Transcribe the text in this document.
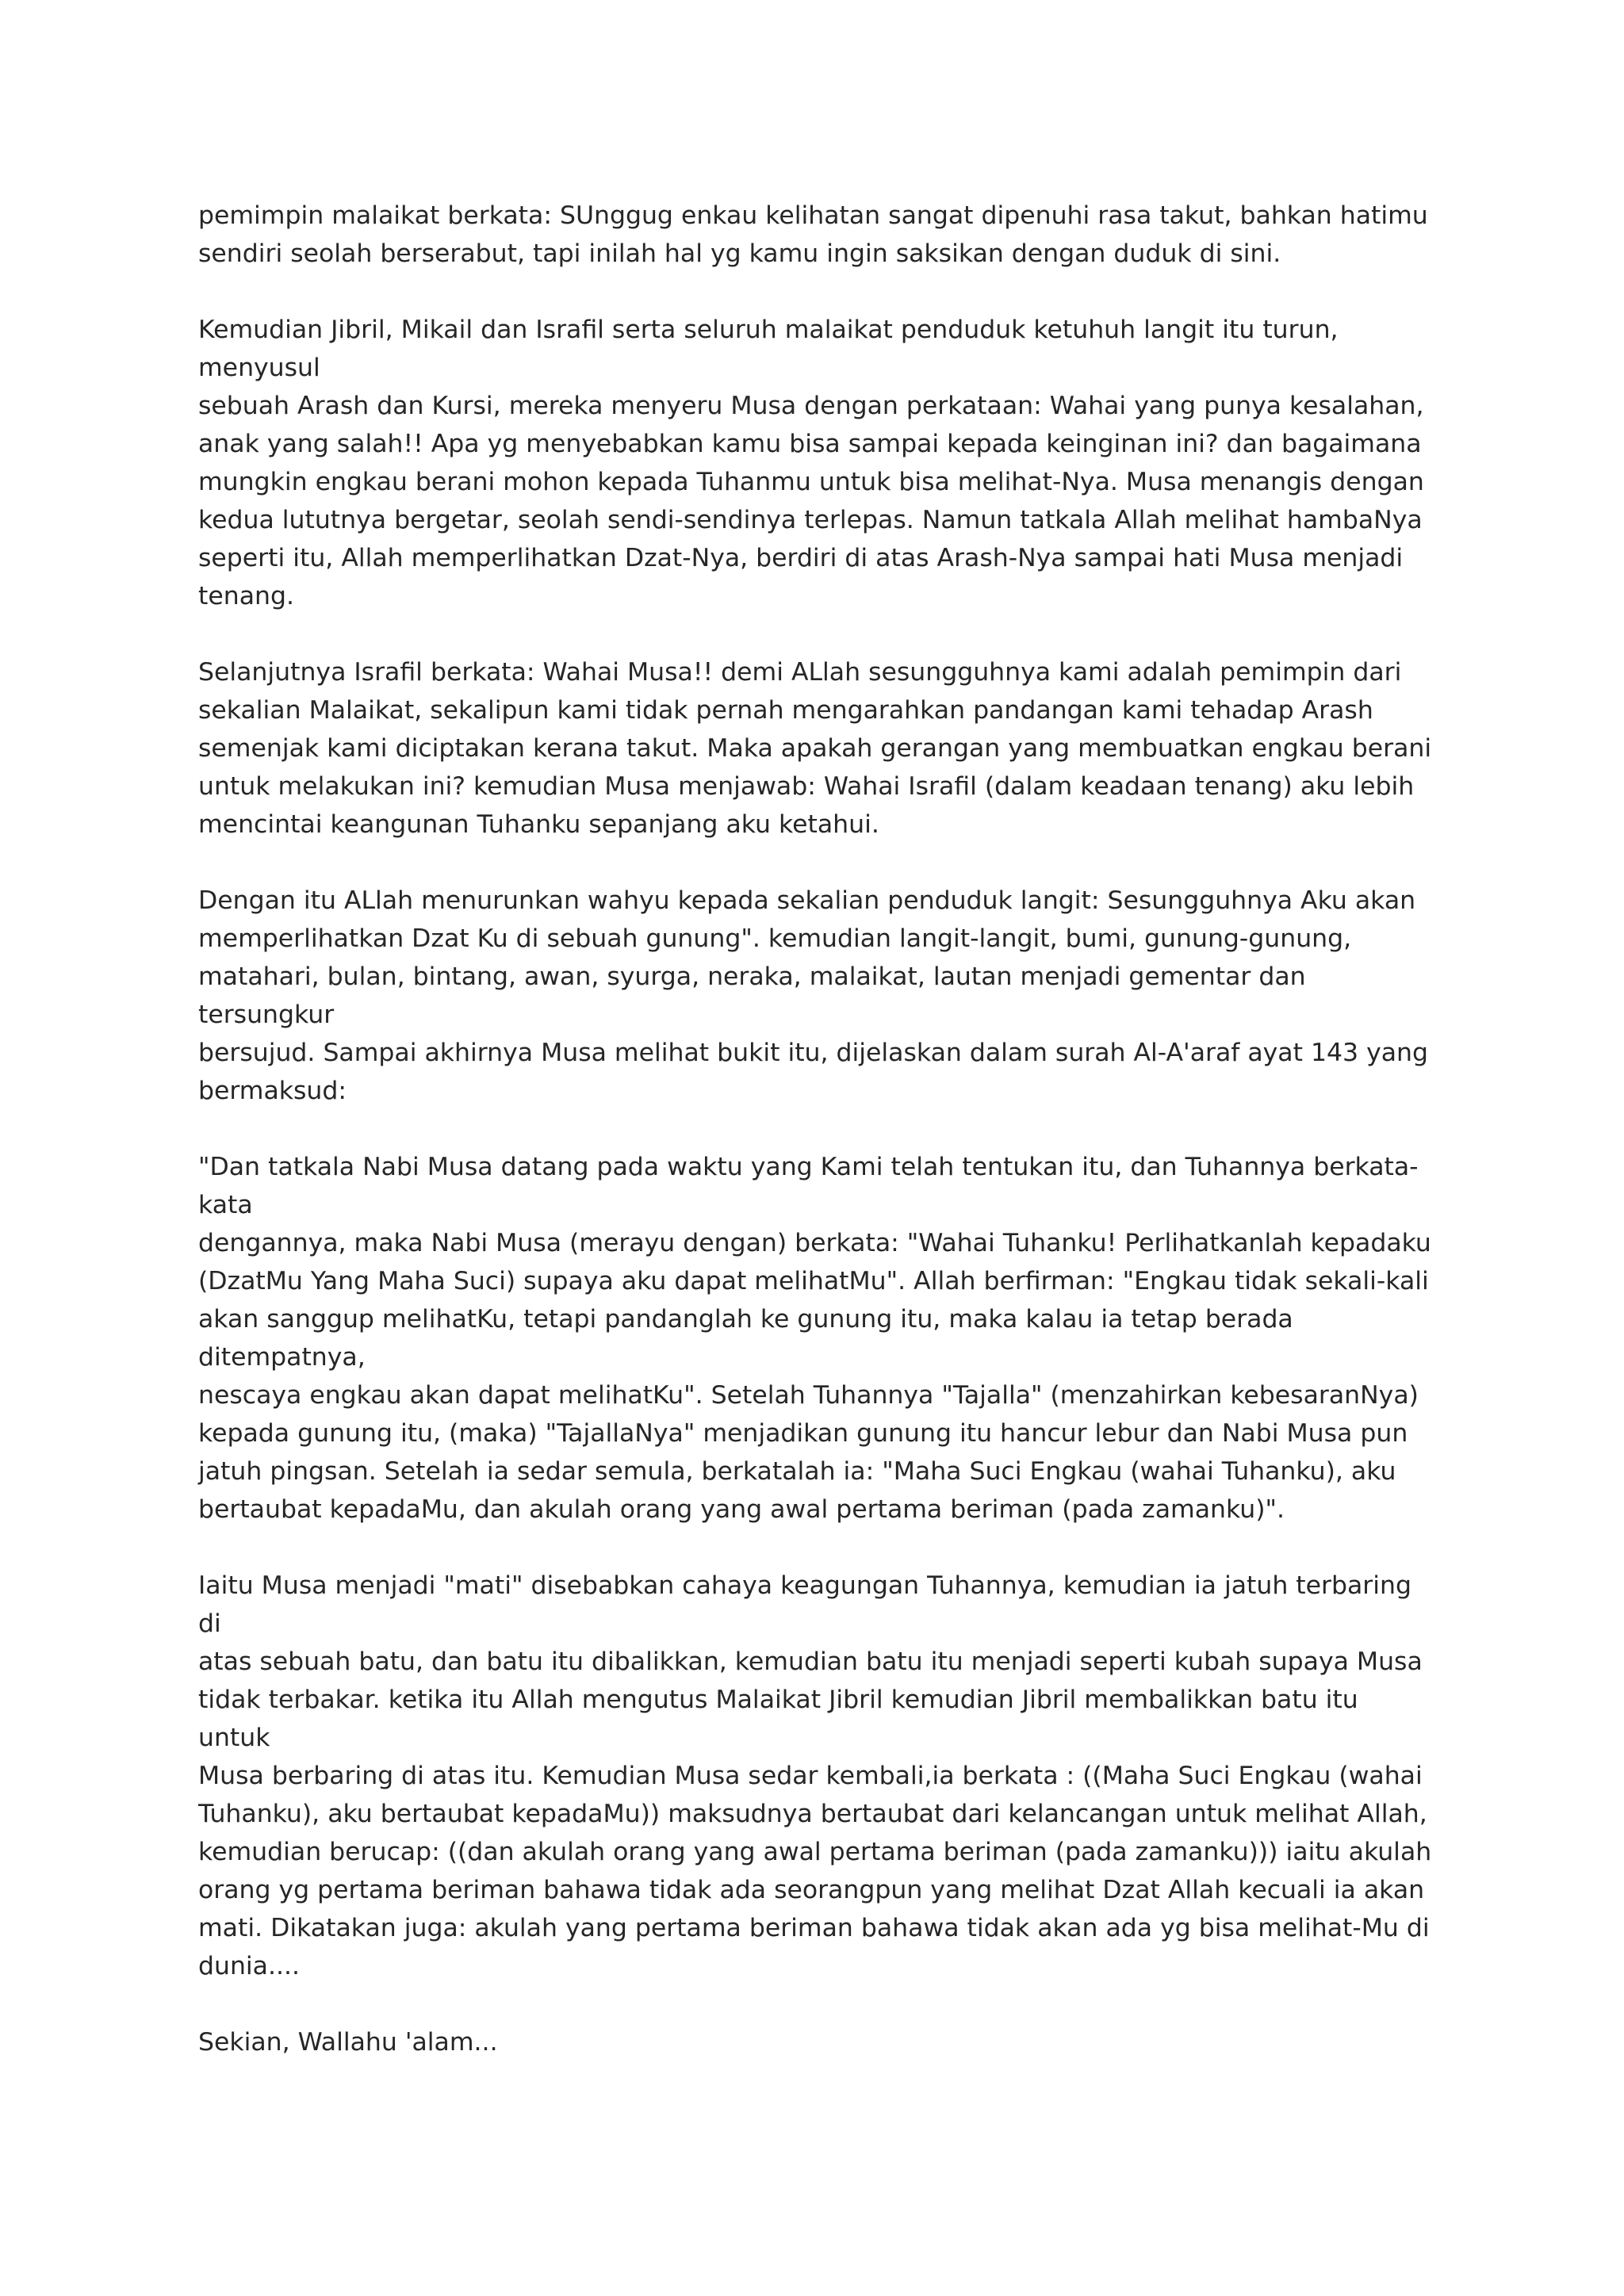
pemimpin malaikat berkata: SUnggug enkau kelihatan sangat dipenuhi rasa takut, bahkan hatimu
sendiri seolah berserabut, tapi inilah hal yg kamu ingin saksikan dengan duduk di sini.

Kemudian Jibril, Mikail dan Israfil serta seluruh malaikat penduduk ketuhuh langit itu turun, menyusul
sebuah Arash dan Kursi, mereka menyeru Musa dengan perkataan: Wahai yang punya kesalahan,
anak yang salah!! Apa yg menyebabkan kamu bisa sampai kepada keinginan ini? dan bagaimana
mungkin engkau berani mohon kepada Tuhanmu untuk bisa melihat-Nya. Musa menangis dengan
kedua lututnya bergetar, seolah sendi-sendinya terlepas. Namun tatkala Allah melihat hambaNya
seperti itu, Allah memperlihatkan Dzat-Nya, berdiri di atas Arash-Nya sampai hati Musa menjadi
tenang.

Selanjutnya Israfil berkata: Wahai Musa!! demi ALlah sesungguhnya kami adalah pemimpin dari
sekalian Malaikat, sekalipun kami tidak pernah mengarahkan pandangan kami tehadap Arash
semenjak kami diciptakan kerana takut. Maka apakah gerangan yang membuatkan engkau berani
untuk melakukan ini? kemudian Musa menjawab: Wahai Israfil (dalam keadaan tenang) aku lebih
mencintai keangunan Tuhanku sepanjang aku ketahui.

Dengan itu ALlah menurunkan wahyu kepada sekalian penduduk langit: Sesungguhnya Aku akan
memperlihatkan Dzat Ku di sebuah gunung". kemudian langit-langit, bumi, gunung-gunung,
matahari, bulan, bintang, awan, syurga, neraka, malaikat, lautan menjadi gementar dan tersungkur
bersujud. Sampai akhirnya Musa melihat bukit itu, dijelaskan dalam surah Al-A'araf ayat 143 yang
bermaksud:

"Dan tatkala Nabi Musa datang pada waktu yang Kami telah tentukan itu, dan Tuhannya berkata-kata
dengannya, maka Nabi Musa (merayu dengan) berkata: "Wahai Tuhanku! Perlihatkanlah kepadaku
(DzatMu Yang Maha Suci) supaya aku dapat melihatMu". Allah berfirman: "Engkau tidak sekali-kali
akan sanggup melihatKu, tetapi pandanglah ke gunung itu, maka kalau ia tetap berada ditempatnya,
nescaya engkau akan dapat melihatKu". Setelah Tuhannya "Tajalla" (menzahirkan kebesaranNya)
kepada gunung itu, (maka) "TajallaNya" menjadikan gunung itu hancur lebur dan Nabi Musa pun
jatuh pingsan. Setelah ia sedar semula, berkatalah ia: "Maha Suci Engkau (wahai Tuhanku), aku
bertaubat kepadaMu, dan akulah orang yang awal pertama beriman (pada zamanku)".

Iaitu Musa menjadi "mati" disebabkan cahaya keagungan Tuhannya, kemudian ia jatuh terbaring di
atas sebuah batu, dan batu itu dibalikkan, kemudian batu itu menjadi seperti kubah supaya Musa
tidak terbakar. ketika itu Allah mengutus Malaikat Jibril kemudian Jibril membalikkan batu itu untuk
Musa berbaring di atas itu. Kemudian Musa sedar kembali,ia berkata : ((Maha Suci Engkau (wahai
Tuhanku), aku bertaubat kepadaMu)) maksudnya bertaubat dari kelancangan untuk melihat Allah,
kemudian berucap: ((dan akulah orang yang awal pertama beriman (pada zamanku))) iaitu akulah
orang yg pertama beriman bahawa tidak ada seorangpun yang melihat Dzat Allah kecuali ia akan
mati. Dikatakan juga: akulah yang pertama beriman bahawa tidak akan ada yg bisa melihat-Mu di
dunia....

Sekian, Wallahu 'alam...
